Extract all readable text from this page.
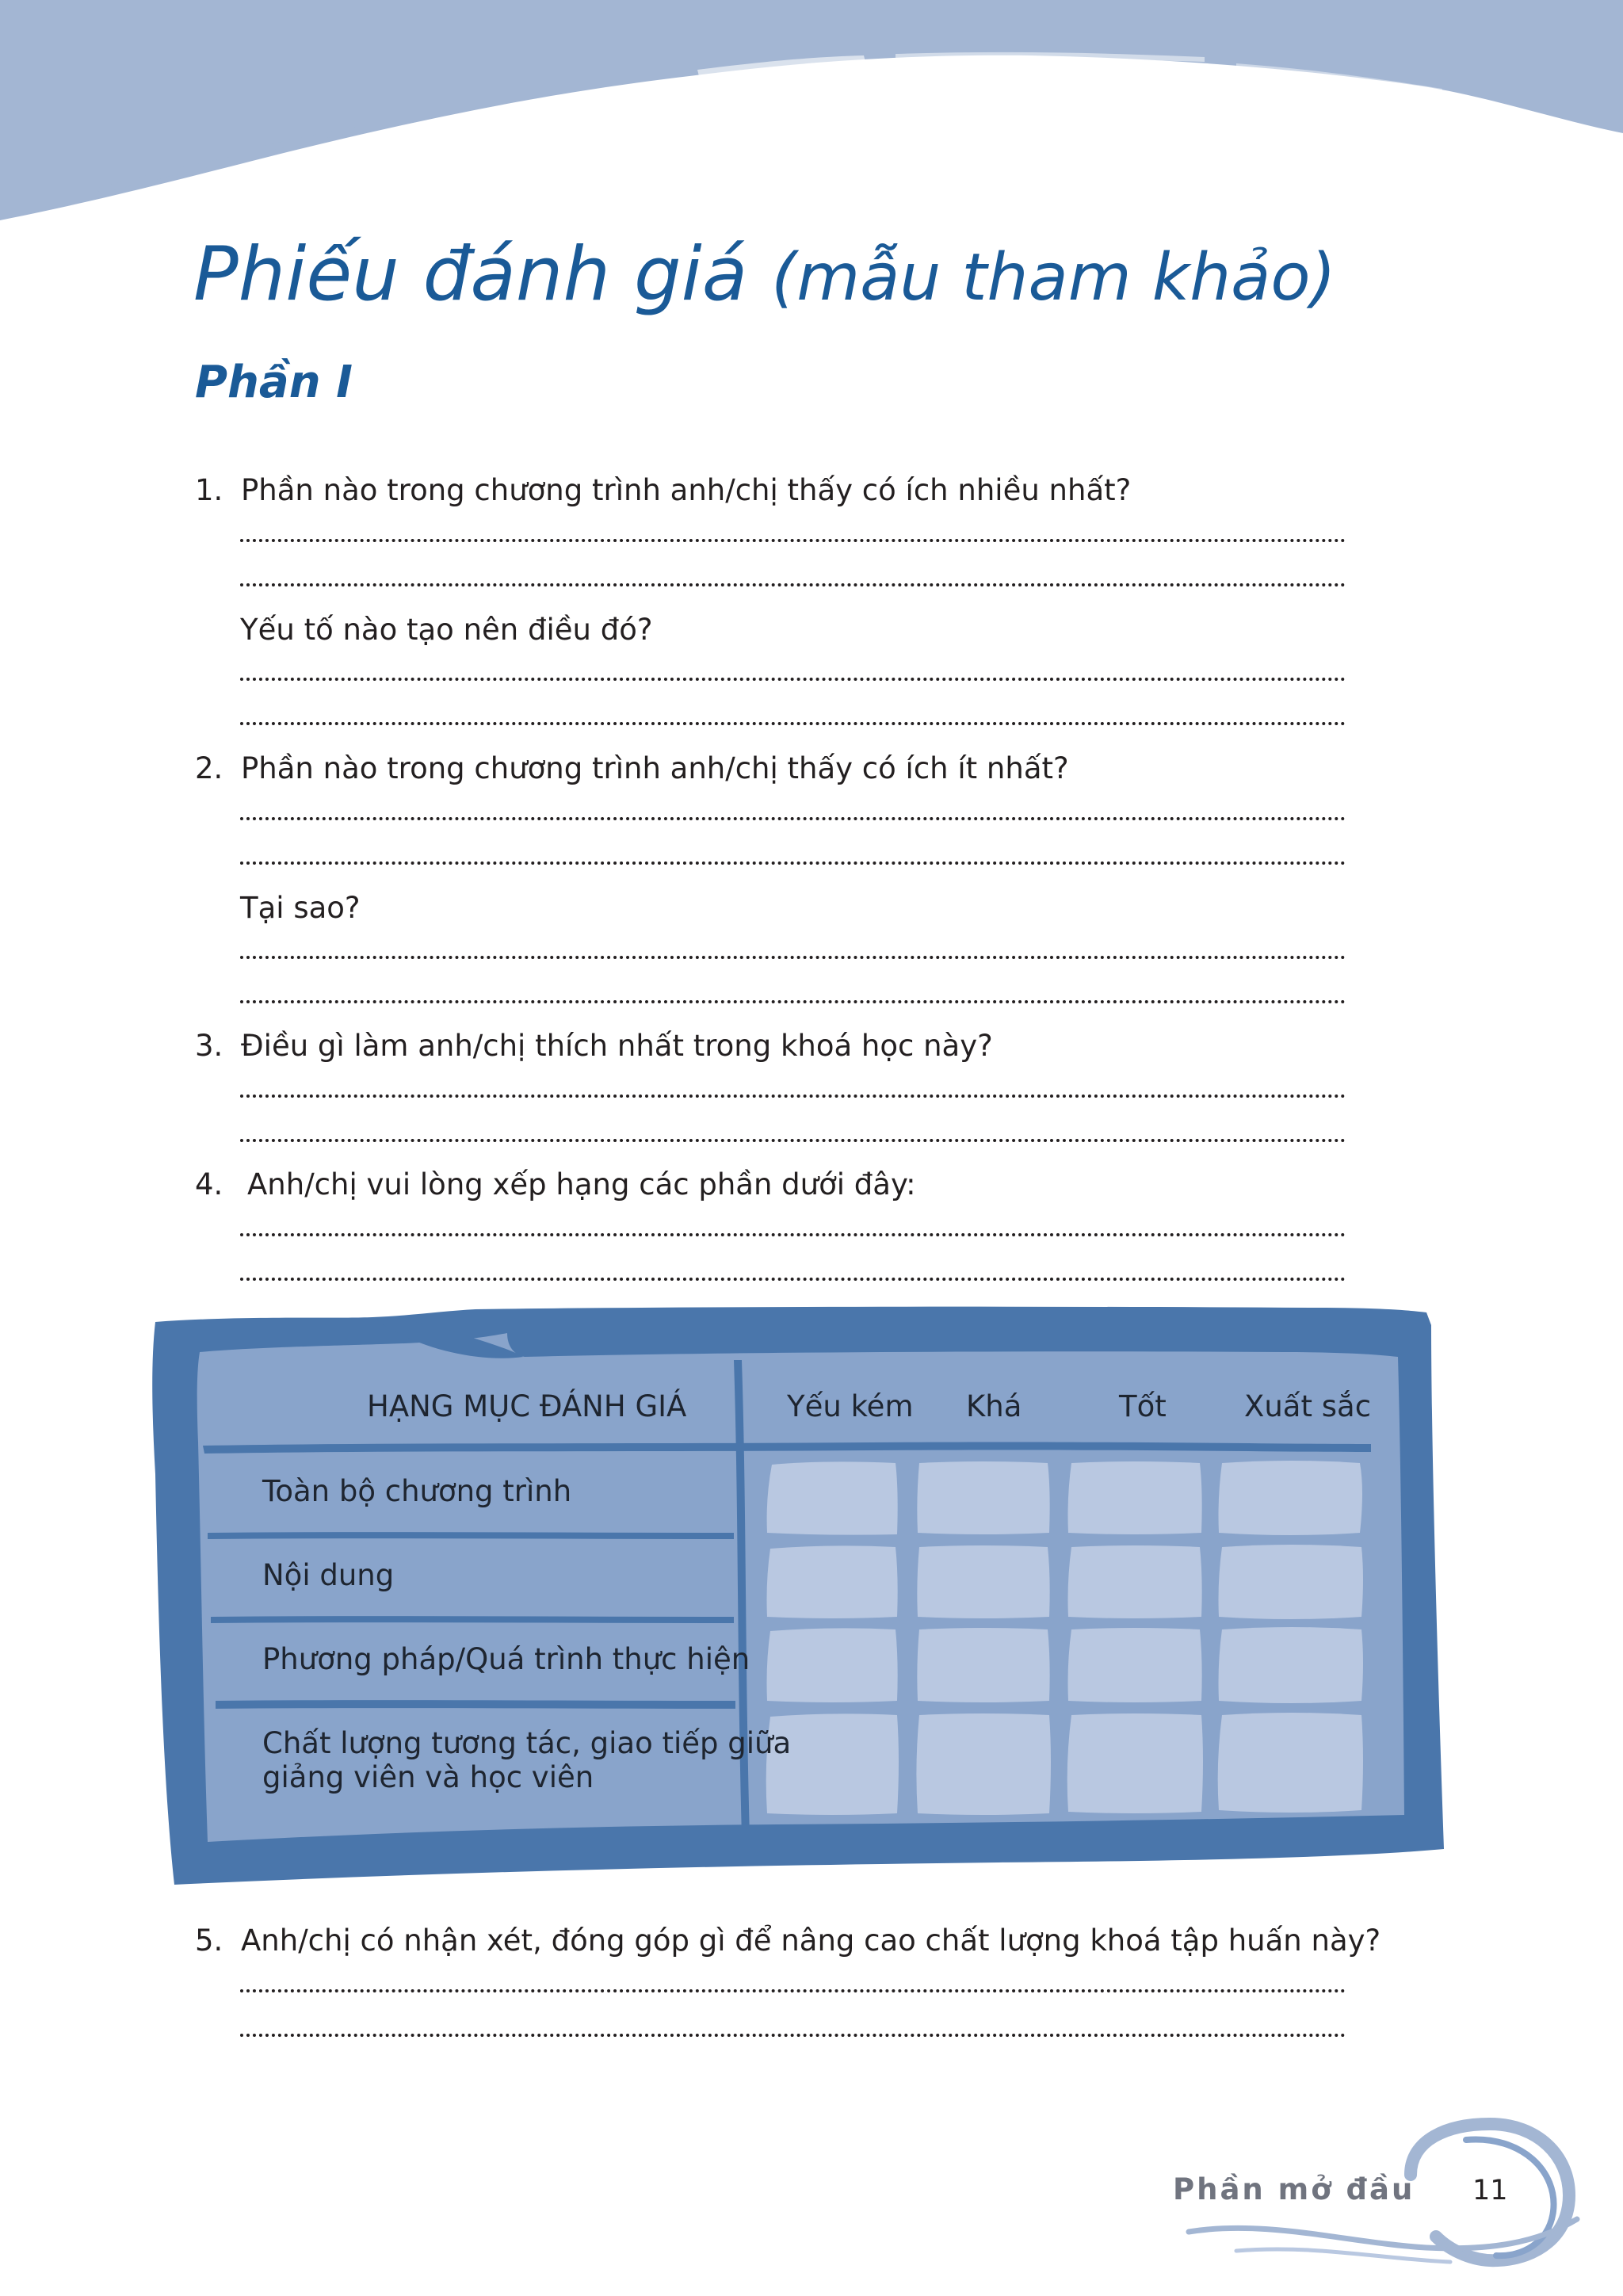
Phiếu đánh giá (mẫu tham khảo)
Phần I
1. Phần nào trong chương trình anh/chị thấy có ích nhiều nhất?
Yếu tố nào tạo nên điều đó?
2. Phần nào trong chương trình anh/chị thấy có ích ít nhất?
Tại sao?
3. Điều gì làm anh/chị thích nhất trong khoá học này?
4. Anh/chị vui lòng xếp hạng các phần dưới đây:
HẠNG MỤC ĐÁNH GIÁ	Yếu kém Khá	Tốt	Xuất sắc
Toàn bộ chương trình
Nội dung
Phương pháp/Quá trình thực hiện
Chất lượng tương tác, giao tiếp giữa
giảng viên và học viên
5. Anh/chị có nhận xét, đóng góp gì để nâng cao chất lượng khoá tập huấn này?
Phần mở đầu 11
